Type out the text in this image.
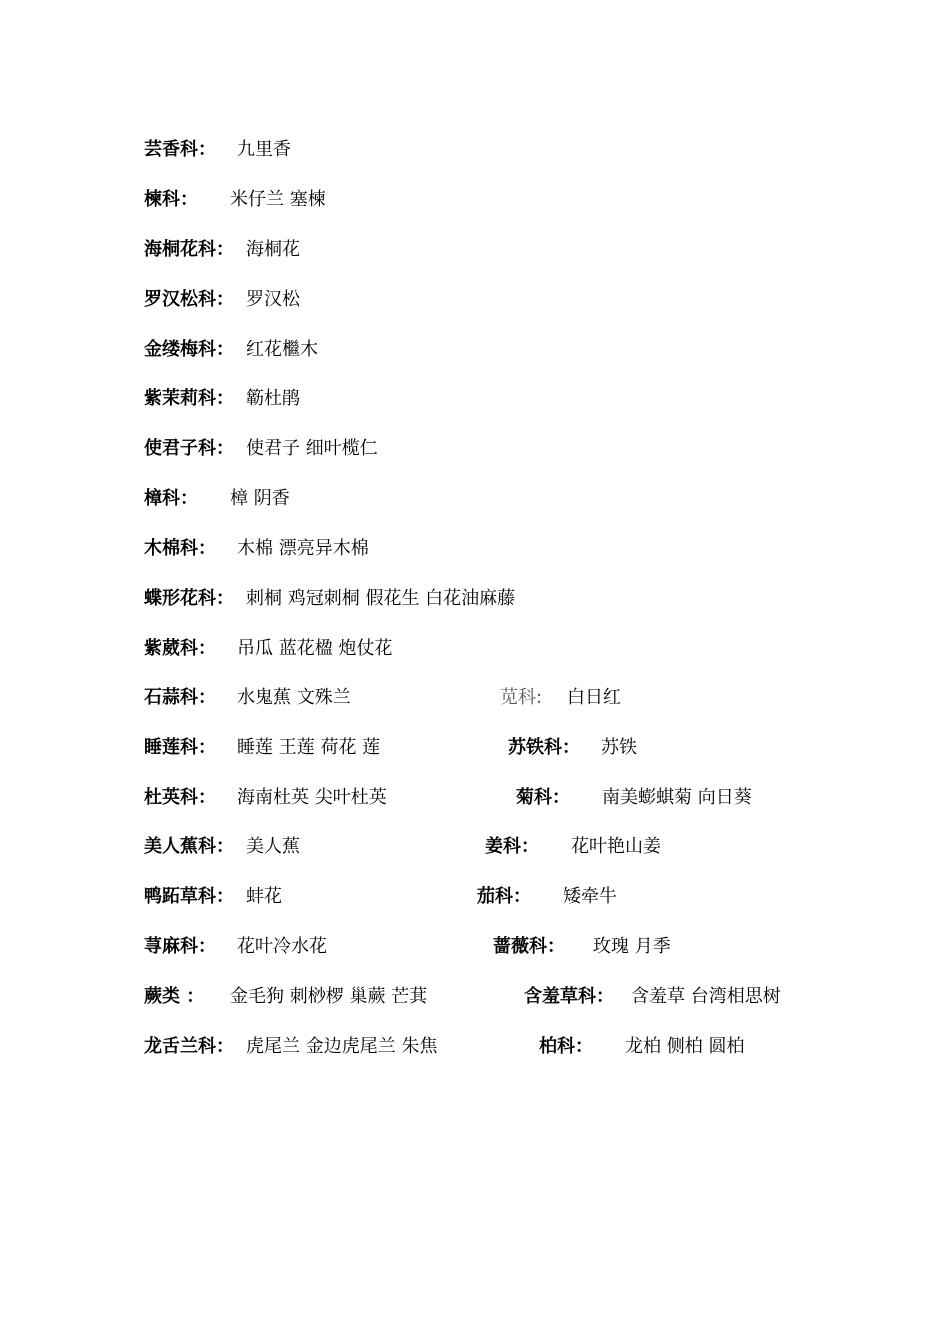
芸香科： 九里香
楝科： 米仔兰 塞楝
海桐花科： 海桐花
罗汉松科： 罗汉松
金缕梅科： 红花檵木
紫茉莉科： 簕杜鹃
使君子科： 使君子 细叶榄仁
樟科： 樟 阴香
木棉科： 木棉 漂亮异木棉
蝶形花科： 刺桐 鸡冠刺桐 假花生 白花油麻藤
紫葳科： 吊瓜 蓝花楹 炮仗花
石蒜科： 水鬼蕉 文殊兰	苋科: 白日红
睡莲科： 睡莲 王莲 荷花 莲	苏铁科： 苏铁
杜英科： 海南杜英 尖叶杜英	菊科： 南美蟛蜞菊 向日葵
美人蕉科： 美人蕉	姜科： 花叶艳山姜
鸭跖草科： 蚌花	茄科： 矮牵牛
荨麻科： 花叶冷水花	蔷薇科： 玫瑰 月季
蕨类 ： 金毛狗 刺桫椤 巢蕨 芒萁	含羞草科： 含羞草 台湾相思树
龙舌兰科： 虎尾兰 金边虎尾兰 朱焦	柏科： 龙柏 侧柏 圆柏
